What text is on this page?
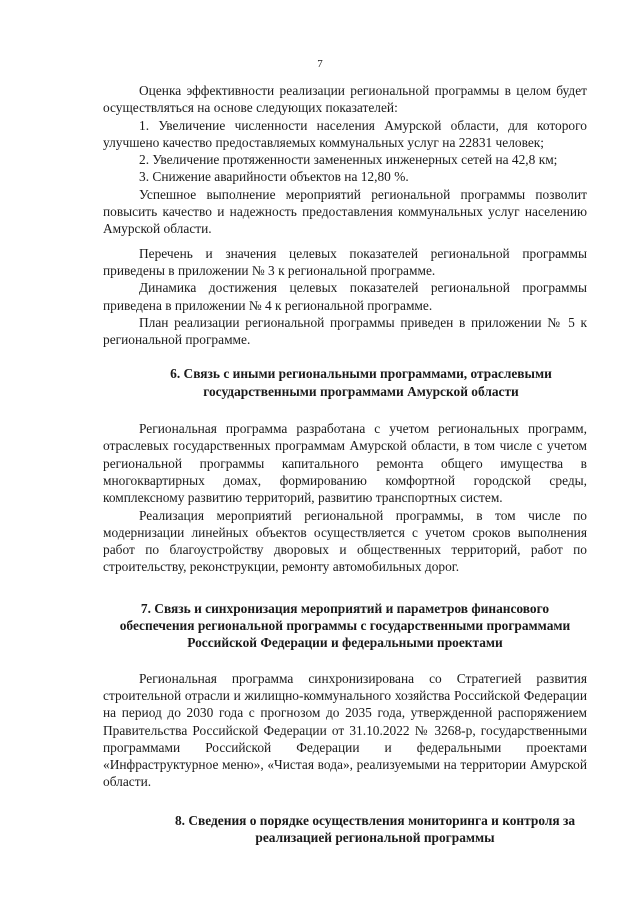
7

Оценка эффективности реализации региональной программы в целом будет осуществляться на основе следующих показателей:

1. Увеличение численности населения Амурской области, для которого улучшено качество предоставляемых коммунальных услуг на 22831 человек;

2. Увеличение протяженности замененных инженерных сетей на 42,8 км;

3. Снижение аварийности объектов на 12,80 %.

Успешное выполнение мероприятий региональной программы позволит повысить качество и надежность предоставления коммунальных услуг населению Амурской области.

Перечень и значения целевых показателей региональной программы приведены в приложении № 3 к региональной программе.

Динамика достижения целевых показателей региональной программы приведена в приложении № 4 к региональной программе.

План реализации региональной программы приведен в приложении № 5 к региональной программе.

6. Связь с иными региональными программами, отраслевыми государственными программами Амурской области

Региональная программа разработана с учетом региональных программ, отраслевых государственных программам Амурской области, в том числе с учетом региональной программы капитального ремонта общего имущества в многоквартирных домах, формированию комфортной городской среды, комплексному развитию территорий, развитию транспортных систем.

Реализация мероприятий региональной программы, в том числе по модернизации линейных объектов осуществляется с учетом сроков выполнения работ по благоустройству дворовых и общественных территорий, работ по строительству, реконструкции, ремонту автомобильных дорог.

7. Связь и синхронизация мероприятий и параметров финансового обеспечения региональной программы с государственными программами Российской Федерации и федеральными проектами

Региональная программа синхронизирована со Стратегией развития строительной отрасли и жилищно-коммунального хозяйства Российской Федерации на период до 2030 года с прогнозом до 2035 года, утвержденной распоряжением Правительства Российской Федерации от 31.10.2022 № 3268-р, государственными программами Российской Федерации и федеральными проектами «Инфраструктурное меню», «Чистая вода», реализуемыми на территории Амурской области.

8. Сведения о порядке осуществления мониторинга и контроля за реализацией региональной программы
